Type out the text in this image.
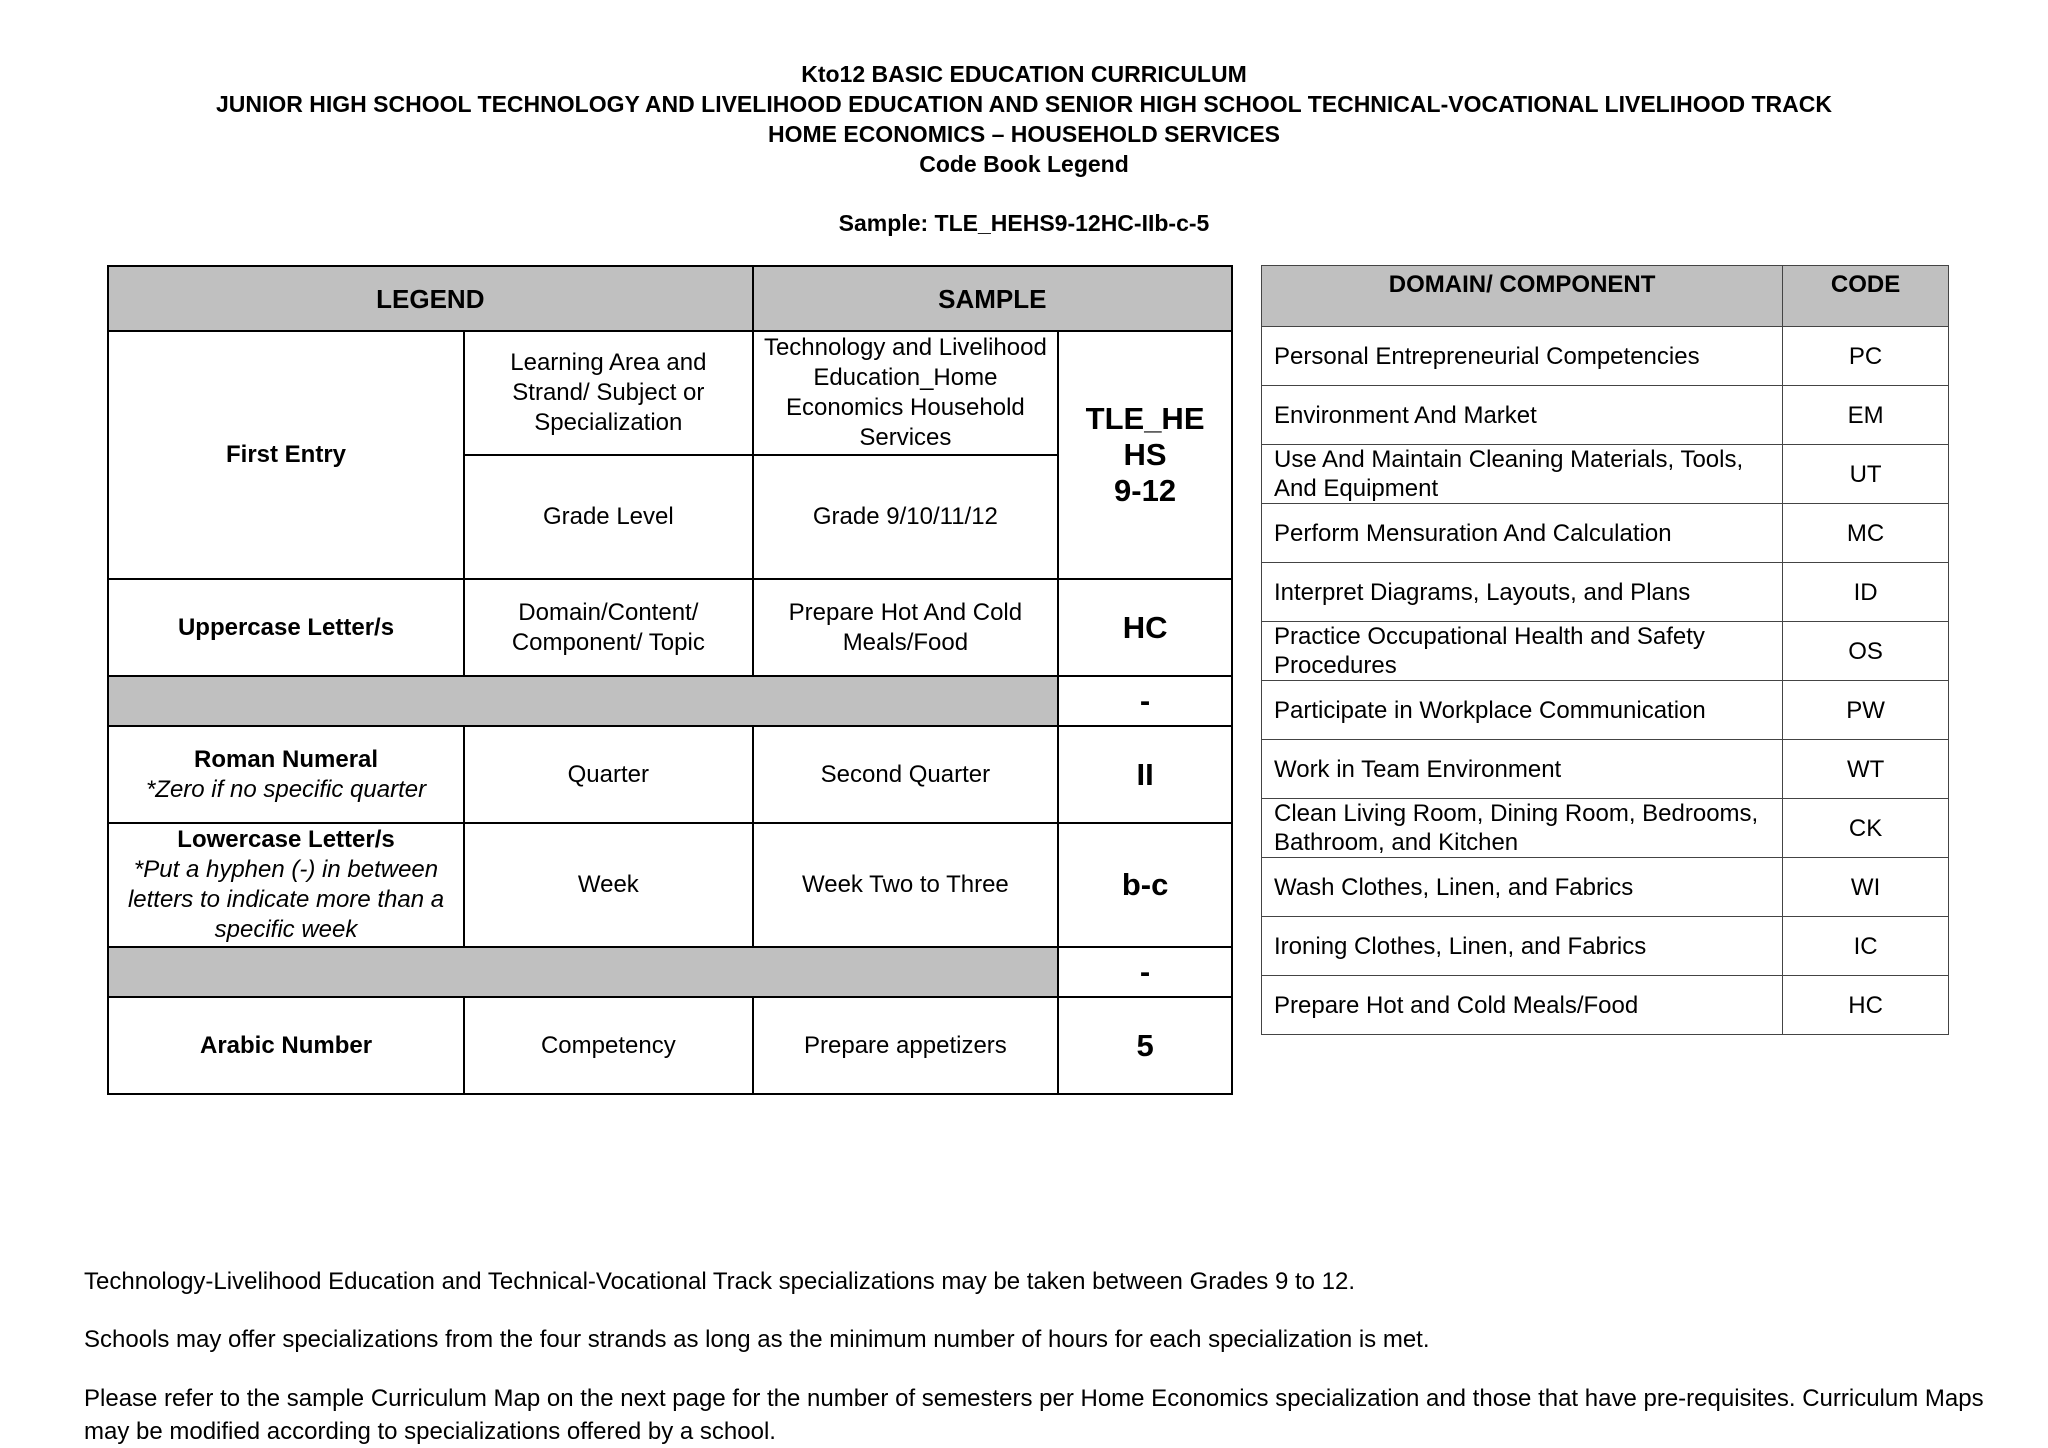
Kto12 BASIC EDUCATION CURRICULUM
JUNIOR HIGH SCHOOL TECHNOLOGY AND LIVELIHOOD EDUCATION AND SENIOR HIGH SCHOOL TECHNICAL-VOCATIONAL LIVELIHOOD TRACK
HOME ECONOMICS – HOUSEHOLD SERVICES
Code Book Legend
Sample: TLE_HEHS9-12HC-IIb-c-5
LEGEND		SAMPLE	
First Entry	Learning Area and Strand/ Subject or Specialization	Technology and Livelihood Education_Home Economics Household Services	TLE_HE
HS
9-12

	Grade Level	Grade 9/10/11/12	
Uppercase Letter/s	Domain/Content/ Component/ Topic	Prepare Hot And Cold Meals/Food	HC
			-

Roman Numeral
*Zero if no specific quarter	Quarter	Second Quarter	II

Lowercase Letter/s
*Put a hyphen (-) in between letters to indicate more than a specific week	Week	Week Two to Three	b-c
			-
Arabic Number	Competency	Prepare appetizers	5
DOMAIN/ COMPONENT	CODE
Personal Entrepreneurial Competencies	PC
Environment And Market	EM
Use And Maintain Cleaning Materials, Tools, And Equipment	UT
Perform Mensuration And Calculation	MC
Interpret Diagrams, Layouts, and Plans	ID
Practice Occupational Health and Safety Procedures	OS
Participate in Workplace Communication	PW
Work in Team Environment	WT
Clean Living Room, Dining Room, Bedrooms, Bathroom, and Kitchen	CK
Wash Clothes, Linen, and Fabrics	WI
Ironing Clothes, Linen, and Fabrics	IC
Prepare Hot and Cold Meals/Food	HC
Technology-Livelihood Education and Technical-Vocational Track specializations may be taken between Grades 9 to 12.
Schools may offer specializations from the four strands as long as the minimum number of hours for each specialization is met.
Please refer to the sample Curriculum Map on the next page for the number of semesters per Home Economics specialization and those that have pre-requisites. Curriculum Maps may be modified according to specializations offered by a school.
